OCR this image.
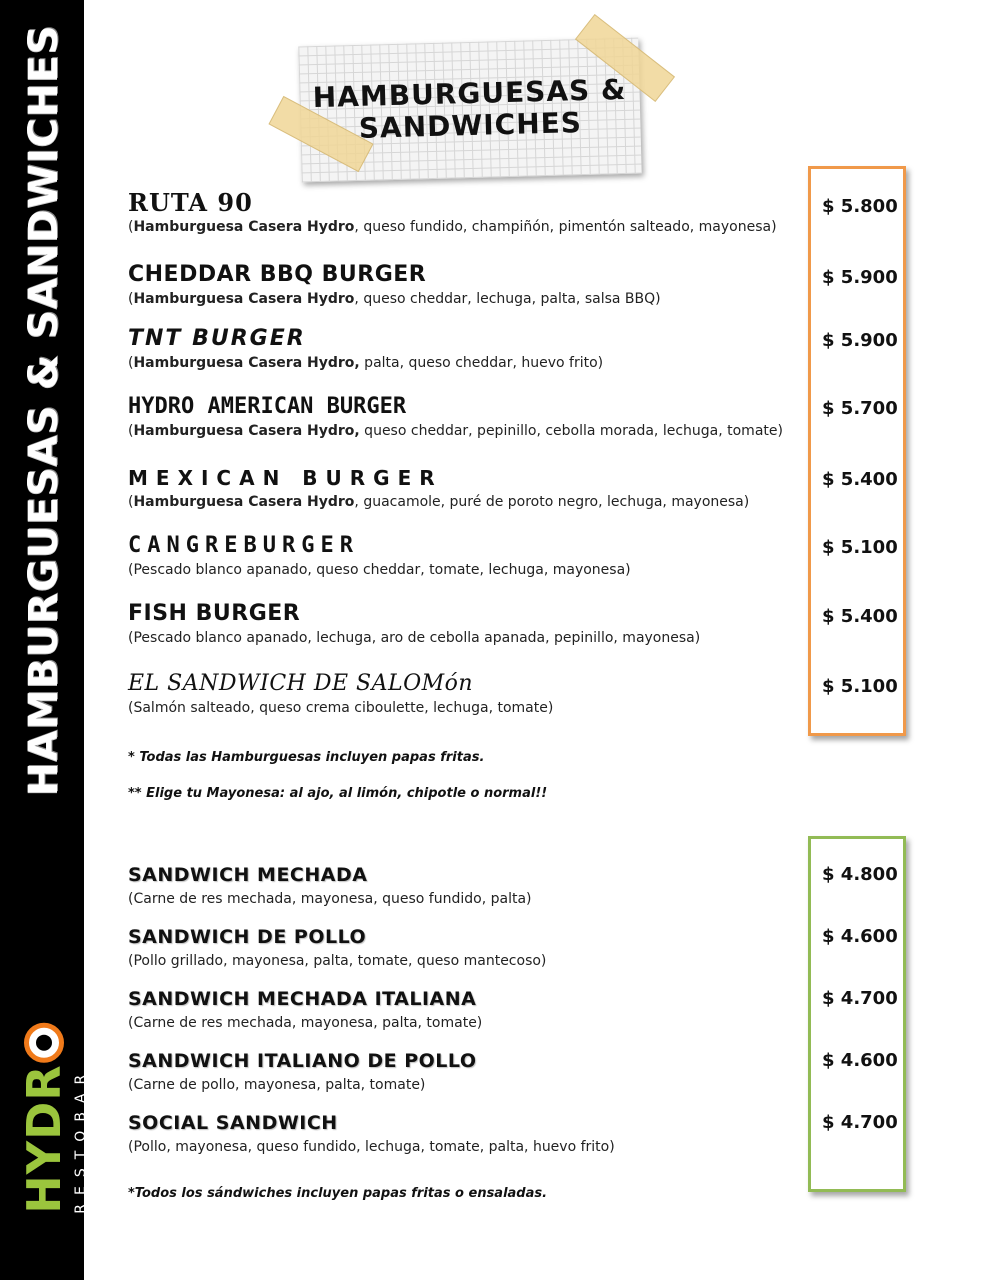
HAMBURGUESAS & SANDWICHES
HYDR RESTOBAR
HAMBURGUESAS &
SANDWICHES
RUTA 90
(Hamburguesa Casera Hydro, queso fundido, champiñón, pimentón salteado, mayonesa)
$ 5.800
CHEDDAR BBQ BURGER
(Hamburguesa Casera Hydro, queso cheddar, lechuga, palta, salsa BBQ)
$ 5.900
TNT BURGER
(Hamburguesa Casera Hydro, palta, queso cheddar, huevo frito)
$ 5.900
HYDRO AMERICAN BURGER
(Hamburguesa Casera Hydro, queso cheddar, pepinillo, cebolla morada, lechuga, tomate)
$ 5.700
MEXICAN BURGER
(Hamburguesa Casera Hydro, guacamole, puré de poroto negro, lechuga, mayonesa)
$ 5.400
CANGREBURGER
(Pescado blanco apanado, queso cheddar, tomate, lechuga, mayonesa)
$ 5.100
FISH BURGER
(Pescado blanco apanado, lechuga, aro de cebolla apanada, pepinillo, mayonesa)
$ 5.400
EL SANDWICH DE SALOMón
(Salmón salteado, queso crema ciboulette, lechuga, tomate)
$ 5.100
* Todas las Hamburguesas incluyen papas fritas.
** Elige tu Mayonesa: al ajo, al limón, chipotle o normal!!
SANDWICH MECHADA
(Carne de res mechada, mayonesa, queso fundido, palta)
$ 4.800
SANDWICH DE POLLO
(Pollo grillado, mayonesa, palta, tomate, queso mantecoso)
$ 4.600
SANDWICH MECHADA ITALIANA
(Carne de res mechada, mayonesa, palta, tomate)
$ 4.700
SANDWICH ITALIANO DE POLLO
(Carne de pollo, mayonesa, palta, tomate)
$ 4.600
SOCIAL SANDWICH
(Pollo, mayonesa, queso fundido, lechuga, tomate, palta, huevo frito)
$ 4.700
*Todos los sándwiches incluyen papas fritas o ensaladas.
